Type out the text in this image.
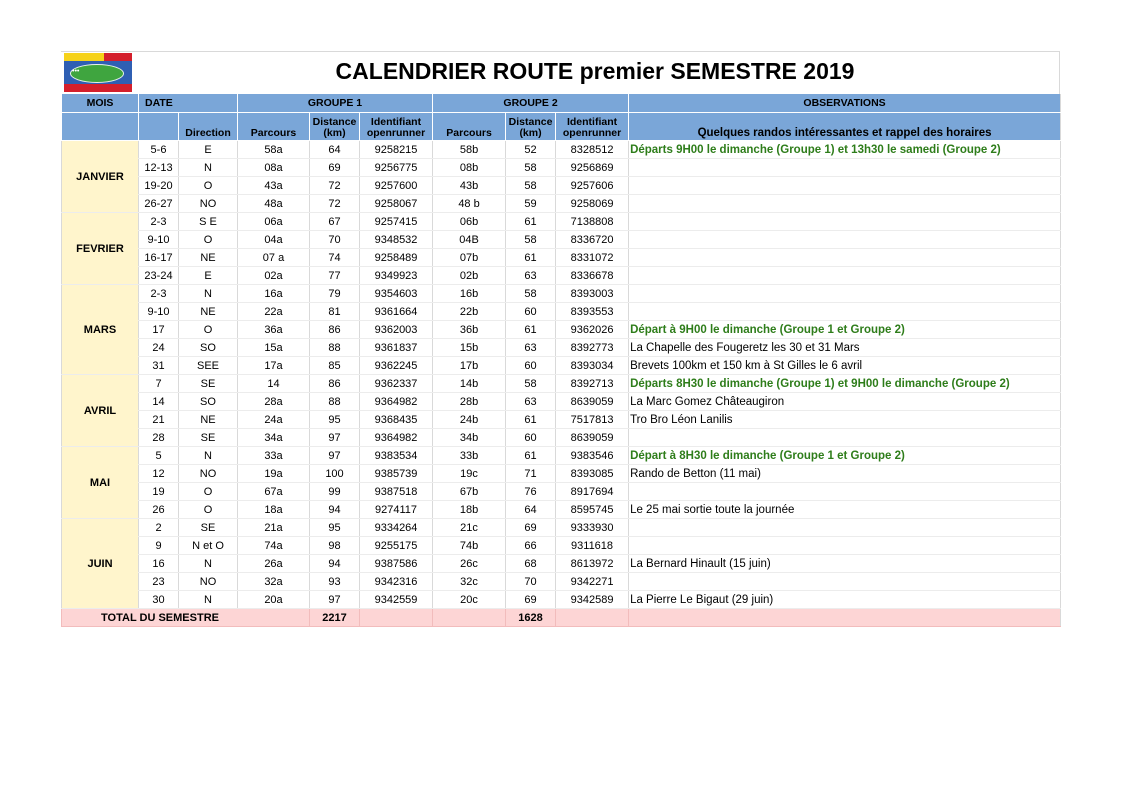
•••	CALENDRIER ROUTE premier SEMESTRE 2019
MOIS	DATE		GROUPE 1			GROUPE 2			OBSERVATIONS
		Direction	Parcours	Distance (km)	Identifiant openrunner	Parcours	Distance (km)	Identifiant openrunner	Quelques randos intéressantes et rappel des horaires
JANVIER	5-6	E	58a	64	9258215	58b	52	8328512	Départs 9H00 le dimanche (Groupe 1) et 13h30 le samedi (Groupe 2)
	12-13	N	08a	69	9256775	08b	58	9256869	
	19-20	O	43a	72	9257600	43b	58	9257606	
	26-27	NO	48a	72	9258067	48 b	59	9258069	
FEVRIER	2-3	S E	06a	67	9257415	06b	61	7138808	
	9-10	O	04a	70	9348532	04B	58	8336720	
	16-17	NE	07 a	74	9258489	07b	61	8331072	
	23-24	E	02a	77	9349923	02b	63	8336678	
MARS	2-3	N	16a	79	9354603	16b	58	8393003	
	9-10	NE	22a	81	9361664	22b	60	8393553	
	17	O	36a	86	9362003	36b	61	9362026	Départ à 9H00 le dimanche (Groupe 1 et Groupe 2)
	24	SO	15a	88	9361837	15b	63	8392773	La Chapelle des Fougeretz les 30 et 31 Mars
	31	SEE	17a	85	9362245	17b	60	8393034	Brevets 100km et 150 km à St Gilles le 6 avril
AVRIL	7	SE	14	86	9362337	14b	58	8392713	Départs 8H30 le dimanche (Groupe 1) et 9H00 le dimanche (Groupe 2)
	14	SO	28a	88	9364982	28b	63	8639059	La Marc Gomez Châteaugiron
	21	NE	24a	95	9368435	24b	61	7517813	Tro Bro Léon Lanilis
	28	SE	34a	97	9364982	34b	60	8639059	
MAI	5	N	33a	97	9383534	33b	61	9383546	Départ à 8H30 le dimanche (Groupe 1 et Groupe 2)
	12	NO	19a	100	9385739	19c	71	8393085	Rando de Betton (11 mai)
	19	O	67a	99	9387518	67b	76	8917694	
	26	O	18a	94	9274117	18b	64	8595745	Le 25 mai sortie toute la journée
JUIN	2	SE	21a	95	9334264	21c	69	9333930	
	9	N et O	74a	98	9255175	74b	66	9311618	
	16	N	26a	94	9387586	26c	68	8613972	La Bernard Hinault (15 juin)
	23	NO	32a	93	9342316	32c	70	9342271	
	30	N	20a	97	9342559	20c	69	9342589	La Pierre Le Bigaut (29 juin)
TOTAL DU SEMESTRE				2217			1628		
